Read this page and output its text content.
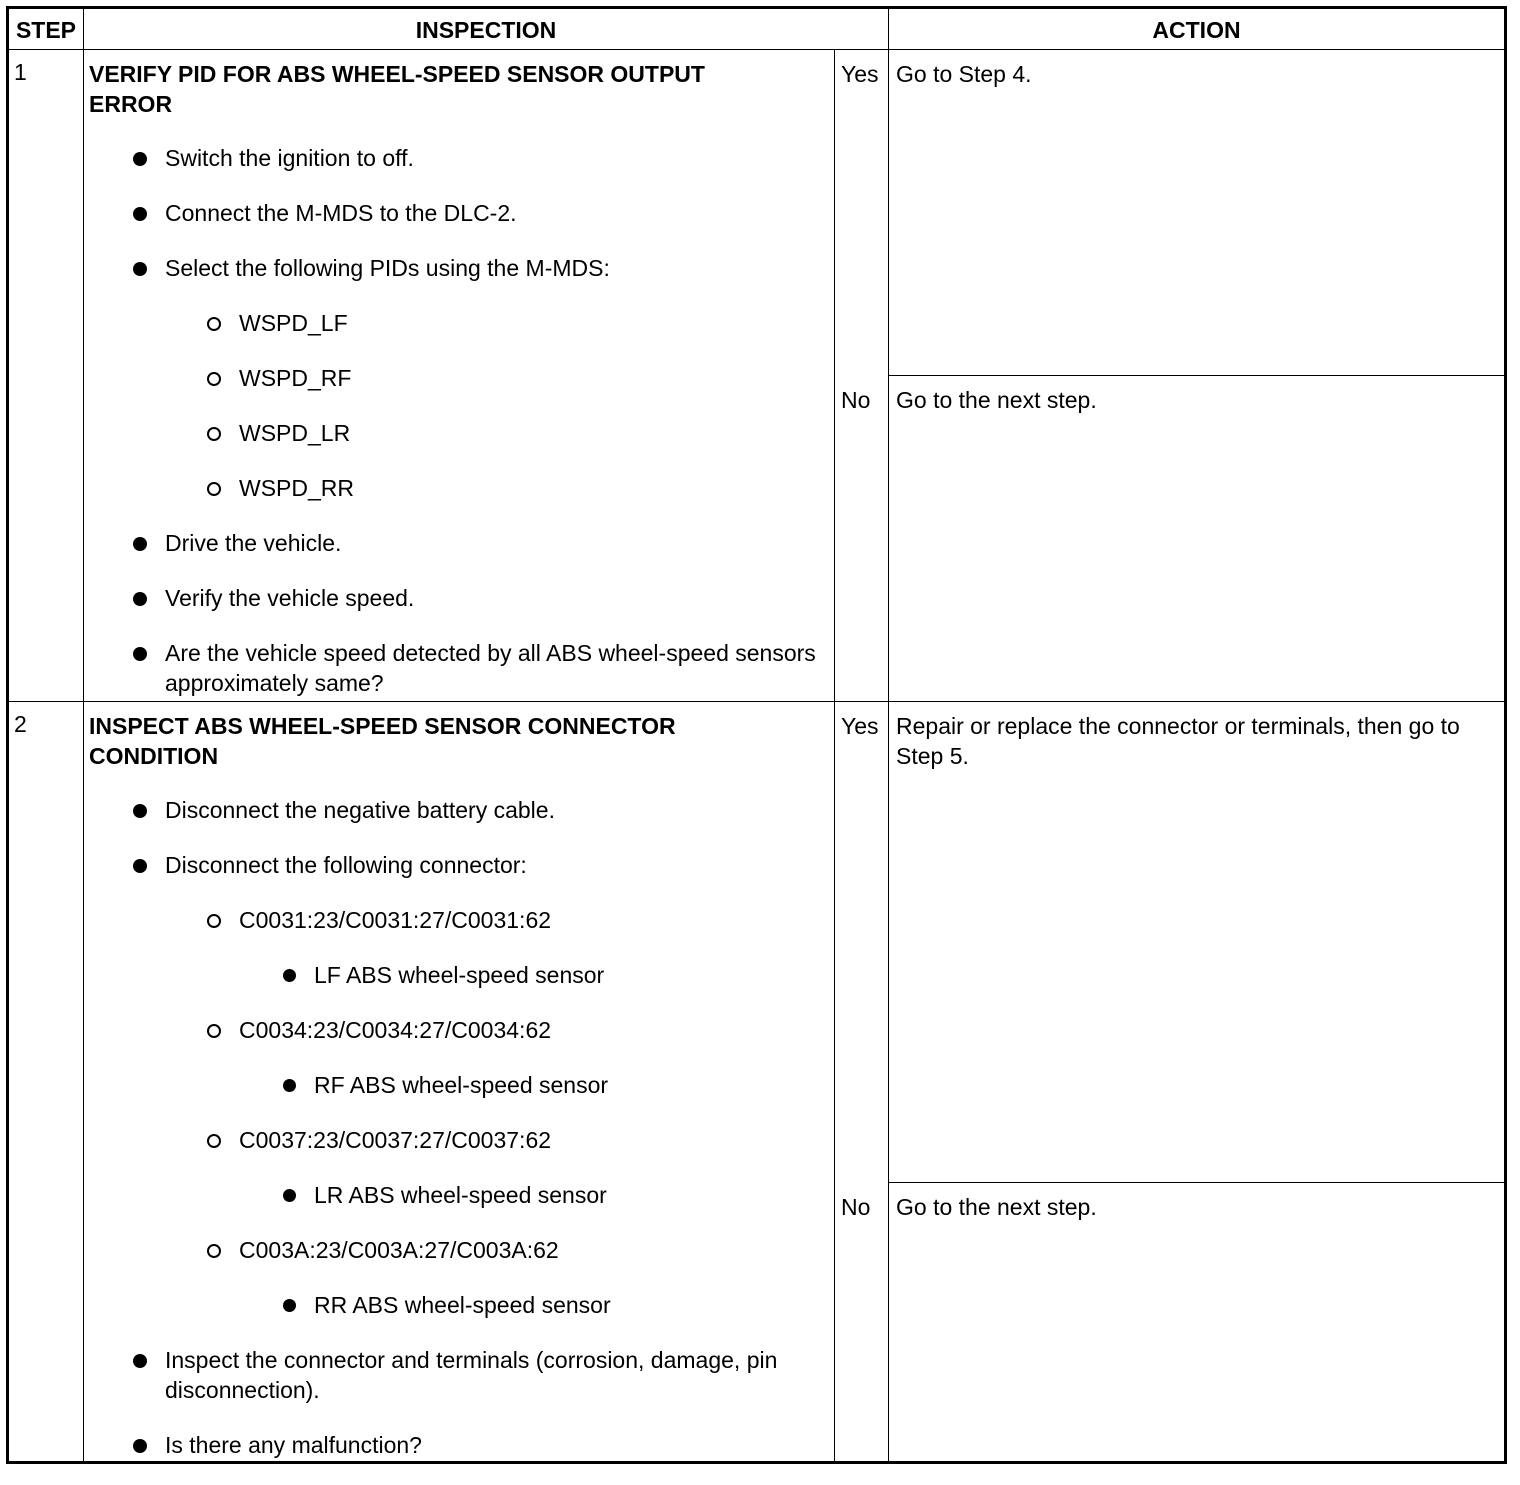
STEP	INSPECTION	ACTION
1	VERIFY PID FOR ABS WHEEL-SPEED SENSOR OUTPUT ERROR
Switch the ignition to off.
Connect the M-MDS to the DLC-2.
Select the following PIDs using the M-MDS:
WSPD_LF
WSPD_RF
WSPD_LR
WSPD_RR
Drive the vehicle.
Verify the vehicle speed.
Are the vehicle speed detected by all ABS wheel-speed sensors approximately same?
Yes Go to Step 4.
No	Go to the next step.
2	INSPECT ABS WHEEL-SPEED SENSOR CONNECTOR CONDITION
Disconnect the negative battery cable.
Disconnect the following connector:
C0031:23/C0031:27/C0031:62
LF ABS wheel-speed sensor
C0034:23/C0034:27/C0034:62
RF ABS wheel-speed sensor
C0037:23/C0037:27/C0037:62
LR ABS wheel-speed sensor
C003A:23/C003A:27/C003A:62
RR ABS wheel-speed sensor
Inspect the connector and terminals (corrosion, damage, pin disconnection).
Is there any malfunction?
Yes Repair or replace the connector or terminals, then go to Step 5.
No	Go to the next step.
